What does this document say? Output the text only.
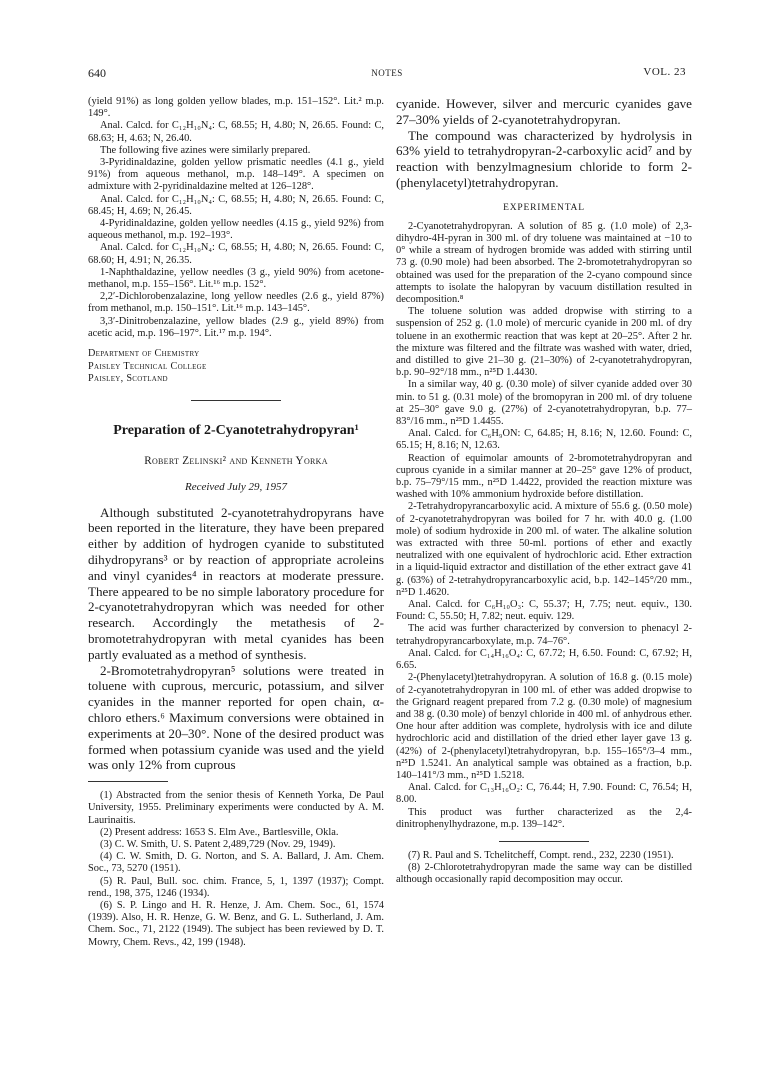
640	NOTES	VOL. 23

(yield 91%) as long golden yellow blades, m.p. 151–152°. Lit.² m.p. 149°.

Anal. Calcd. for C₁₂H₁₀N₄: C, 68.55; H, 4.80; N, 26.65. Found: C, 68.63; H, 4.63; N, 26.40.

The following five azines were similarly prepared.

3-Pyridinaldazine, golden yellow prismatic needles (4.1 g., yield 91%) from aqueous methanol, m.p. 148–149°. A specimen on admixture with 2-pyridinaldazine melted at 126–128°.

Anal. Calcd. for C₁₂H₁₀N₄: C, 68.55; H, 4.80; N, 26.65. Found: C, 68.45; H, 4.69; N, 26.45.

4-Pyridinaldazine, golden yellow needles (4.15 g., yield 92%) from aqueous methanol, m.p. 192–193°.

Anal. Calcd. for C₁₂H₁₀N₄: C, 68.55; H, 4.80; N, 26.65. Found: C, 68.60; H, 4.91; N, 26.35.

1-Naphthaldazine, yellow needles (3 g., yield 90%) from acetone-methanol, m.p. 155–156°. Lit.¹⁶ m.p. 152°.

2,2′-Dichlorobenzalazine, long yellow needles (2.6 g., yield 87%) from methanol, m.p. 150–151°. Lit.¹⁶ m.p. 143–145°.

3,3′-Dinitrobenzalazine, yellow blades (2.9 g., yield 89%) from acetic acid, m.p. 196–197°. Lit.¹⁷ m.p. 194°.

Department of Chemistry
Paisley Technical College
Paisley, Scotland
Preparation of 2-Cyanotetrahydropyran¹
Robert Zelinski² and Kenneth Yorka
Received July 29, 1957

Although substituted 2-cyanotetrahydropyrans have been reported in the literature, they have been prepared either by addition of hydrogen cyanide to substituted dihydropyrans³ or by reaction of appropriate acroleins and vinyl cyanides⁴ in reactors at moderate pressure. There appeared to be no simple laboratory procedure for 2-cyanotetrahydropyran which was needed for other research. Accordingly the metathesis of 2-bromotetrahydropyran with metal cyanides has been partly evaluated as a method of synthesis.

2-Bromotetrahydropyran⁵ solutions were treated in toluene with cuprous, mercuric, potassium, and silver cyanides in the manner reported for open chain, α-chloro ethers.⁶ Maximum conversions were obtained in experiments at 20–30°. None of the desired product was formed when potassium cyanide was used and the yield was only 12% from cuprous

(1) Abstracted from the senior thesis of Kenneth Yorka, De Paul University, 1955. Preliminary experiments were conducted by A. M. Laurinaitis.

(2) Present address: 1653 S. Elm Ave., Bartlesville, Okla.

(3) C. W. Smith, U. S. Patent 2,489,729 (Nov. 29, 1949).

(4) C. W. Smith, D. G. Norton, and S. A. Ballard, J. Am. Chem. Soc., 73, 5270 (1951).

(5) R. Paul, Bull. soc. chim. France, 5, 1, 1397 (1937); Compt. rend., 198, 375, 1246 (1934).

(6) S. P. Lingo and H. R. Henze, J. Am. Chem. Soc., 61, 1574 (1939). Also, H. R. Henze, G. W. Benz, and G. L. Sutherland, J. Am. Chem. Soc., 71, 2122 (1949). The subject has been reviewed by D. T. Mowry, Chem. Revs., 42, 199 (1948).

cyanide. However, silver and mercuric cyanides gave 27–30% yields of 2-cyanotetrahydropyran.

The compound was characterized by hydrolysis in 63% yield to tetrahydropyran-2-carboxylic acid⁷ and by reaction with benzylmagnesium chloride to form 2-(phenylacetyl)tetrahydropyran.

EXPERIMENTAL

2-Cyanotetrahydropyran. A solution of 85 g. (1.0 mole) of 2,3-dihydro-4H-pyran in 300 ml. of dry toluene was maintained at −10 to 0° while a stream of hydrogen bromide was added with stirring until 73 g. (0.90 mole) had been absorbed. The 2-bromotetrahydropyran so obtained was used for the preparation of the 2-cyano compound since attempts to isolate the halopyran by vacuum distillation resulted in decomposition.⁸

The toluene solution was added dropwise with stirring to a suspension of 252 g. (1.0 mole) of mercuric cyanide in 200 ml. of dry toluene in an exothermic reaction that was kept at 20–25°. After 2 hr. the mixture was filtered and the filtrate was washed with water, dried, and distilled to give 21–30 g. (21–30%) of 2-cyanotetrahydropyran, b.p. 90–92°/18 mm., n²⁵D 1.4430.

In a similar way, 40 g. (0.30 mole) of silver cyanide added over 30 min. to 51 g. (0.31 mole) of the bromopyran in 200 ml. of dry toluene at 25–30° gave 9.0 g. (27%) of 2-cyanotetrahydropyran, b.p. 77–83°/16 mm., n²⁵D 1.4455.

Anal. Calcd. for C₆H₉ON: C, 64.85; H, 8.16; N, 12.60. Found: C, 65.15; H, 8.16; N, 12.63.

Reaction of equimolar amounts of 2-bromotetrahydropyran and cuprous cyanide in a similar manner at 20–25° gave 12% of product, b.p. 75–79°/15 mm., n²⁵D 1.4422, provided the reaction mixture was washed with 10% ammonium hydroxide before distillation.

2-Tetrahydropyrancarboxylic acid. A mixture of 55.6 g. (0.50 mole) of 2-cyanotetrahydropyran was boiled for 7 hr. with 40.0 g. (1.00 mole) of sodium hydroxide in 200 ml. of water. The alkaline solution was extracted with three 50-ml. portions of ether and exactly neutralized with one equivalent of hydrochloric acid. Ether extraction in a liquid-liquid extractor and distillation of the ether extract gave 41 g. (63%) of 2-tetrahydropyrancarboxylic acid, b.p. 142–145°/20 mm., n²⁵D 1.4620.

Anal. Calcd. for C₆H₁₀O₃: C, 55.37; H, 7.75; neut. equiv., 130. Found: C, 55.50; H, 7.82; neut. equiv. 129.

The acid was further characterized by conversion to phenacyl 2-tetrahydropyrancarboxylate, m.p. 74–76°.

Anal. Calcd. for C₁₄H₁₆O₄: C, 67.72; H, 6.50. Found: C, 67.92; H, 6.65.

2-(Phenylacetyl)tetrahydropyran. A solution of 16.8 g. (0.15 mole) of 2-cyanotetrahydropyran in 100 ml. of ether was added dropwise to the Grignard reagent prepared from 7.2 g. (0.30 mole) of magnesium and 38 g. (0.30 mole) of benzyl chloride in 400 ml. of anhydrous ether. One hour after addition was complete, hydrolysis with ice and dilute hydrochloric acid and distillation of the dried ether layer gave 13 g. (42%) of 2-(phenylacetyl)tetrahydropyran, b.p. 155–165°/3–4 mm., n²⁵D 1.5241. An analytical sample was obtained as a fraction, b.p. 140–141°/3 mm., n²⁵D 1.5218.

Anal. Calcd. for C₁₃H₁₆O₂: C, 76.44; H, 7.90. Found: C, 76.54; H, 8.00.

This product was further characterized as the 2,4-dinitrophenylhydrazone, m.p. 139–142°.

(7) R. Paul and S. Tchelitcheff, Compt. rend., 232, 2230 (1951).

(8) 2-Chlorotetrahydropyran made the same way can be distilled although occasionally rapid decomposition may occur.
